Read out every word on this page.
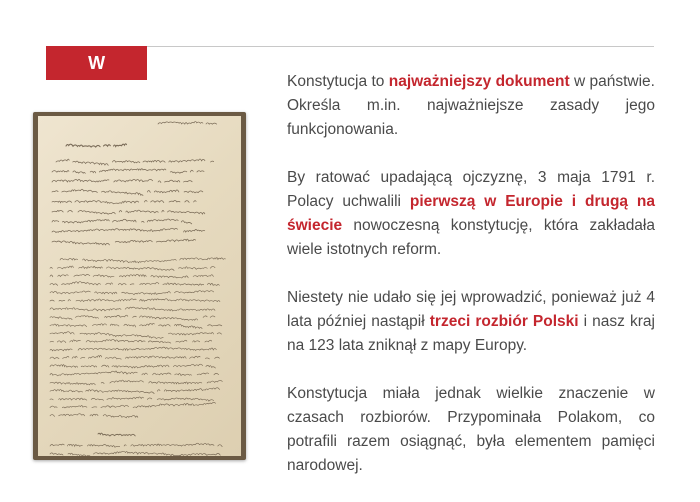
W SKRÓCIE

Konstytucja to najważniejszy dokument w państwie. Określa m.in. najważniejsze zasady jego funkcjonowania.

By ratować upadającą ojczyznę, 3 maja 1791 r. Polacy uchwalili pierwszą w Europie i drugą na świecie nowoczesną konstytucję, która zakładała wiele istotnych reform.

Niestety nie udało się jej wprowadzić, ponieważ już 4 lata później nastąpił trzeci rozbiór Polski i nasz kraj na 123 lata zniknął z mapy Europy.

Konstytucja miała jednak wielkie znaczenie w czasach rozbiorów. Przypominała Polakom, co potrafili razem osiągnąć, była elementem pamięci narodowej.
